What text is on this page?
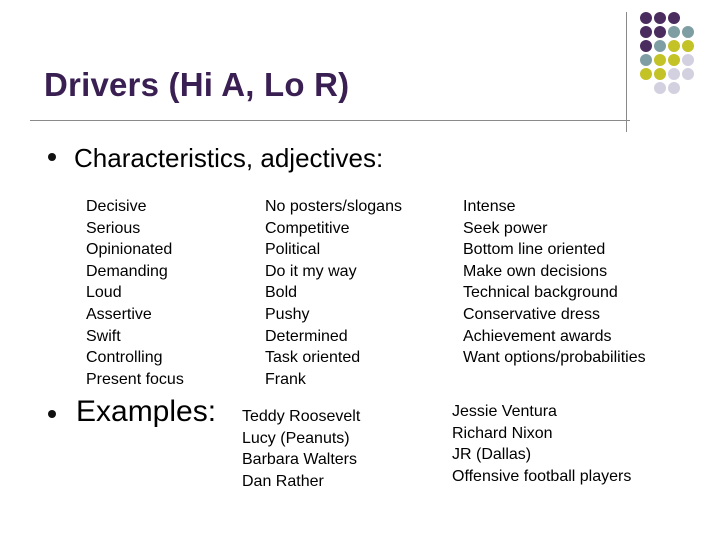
Drivers (Hi A, Lo R)

Characteristics, adjectives:

Decisive
Serious
Opinionated
Demanding
Loud
Assertive
Swift
Controlling
Present focus
No posters/slogans
Competitive
Political
Do it my way
Bold
Pushy
Determined
Task oriented
Frank
Intense
Seek power
Bottom line oriented
Make own decisions
Technical background
Conservative dress
Achievement awards
Want options/probabilities

Examples: Teddy Roosevelt
Lucy (Peanuts)
Barbara Walters
Dan Rather
Jessie Ventura
Richard Nixon
JR (Dallas)
Offensive football players
